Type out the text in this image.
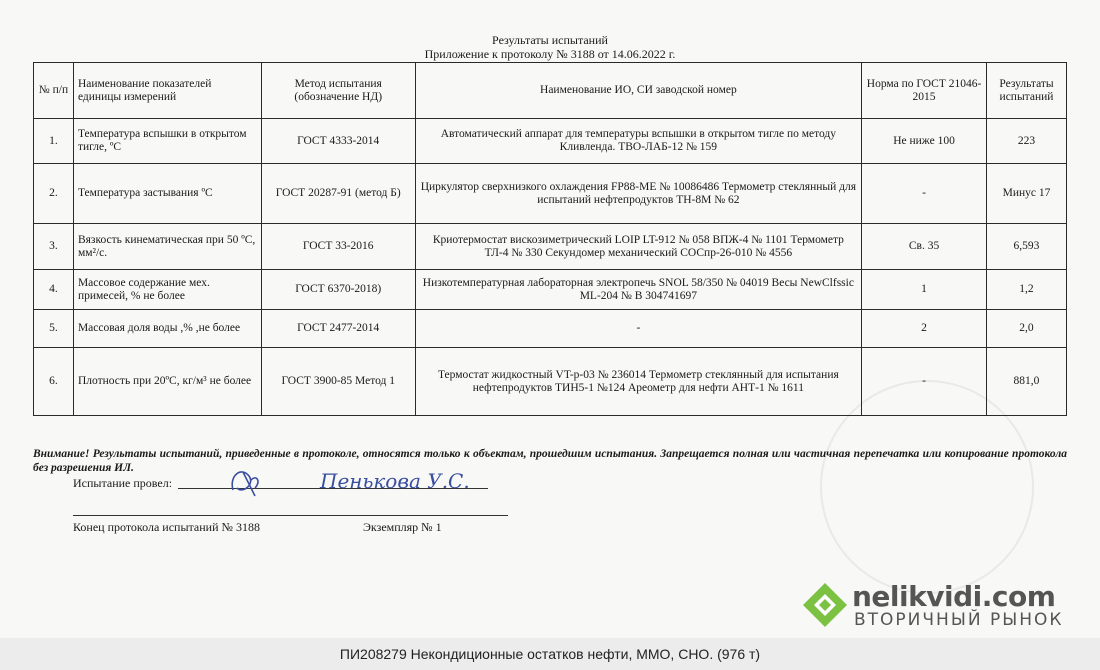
Результаты испытаний
Приложение к протоколу № 3188 от 14.06.2022 г.
№ п/п	Наименование показателей единицы измерений	Метод испытания (обозначение НД)	Наименование ИО, СИ заводской номер	Норма по ГОСТ 21046-2015	Результаты испытаний
1.	Температура вспышки в открытом тигле, ºС	ГОСТ 4333-2014	Автоматический аппарат для температуры вспышки в открытом тигле по методу Кливленда. ТВО-ЛАБ-12 № 159	Не ниже 100	223
2.	Температура застывания ºС	ГОСТ 20287-91 (метод Б)	Циркулятор сверхнизкого охлаждения FP88-ME № 10086486 Термометр стеклянный для испытаний нефтепродуктов ТН-8М № 62	-	Минус 17
3.	Вязкость кинематическая при 50 ºС, мм²/с.	ГОСТ 33-2016	Криотермостат вискозиметрический LOIP LT-912 № 058 ВПЖ-4 № 1101 Термометр ТЛ-4 № 330 Секундомер механический СОСпр-26-010 № 4556	Св. 35	6,593
4.	Массовое содержание мех. примесей, % не более	ГОСТ 6370-2018)	Низкотемпературная лабораторная электропечь SNOL 58/350 № 04019 Весы NewClfssic ML-204 № В 304741697	1	1,2
5.	Массовая доля воды ,% ,не более	ГОСТ 2477-2014	-	2	2,0
6.	Плотность при 20ºС, кг/м³ не более	ГОСТ 3900-85 Метод 1	Термостат жидкостный VT-р-03 № 236014 Термометр стеклянный для испытания нефтепродуктов ТИН5-1 №124 Ареометр для нефти АНТ-1 № 1611	-	881,0
Внимание! Результаты испытаний, приведенные в протоколе, относятся только к объектам, прошедшим испытания. Запрещается полная или частичная перепечатка или копирование протокола без разрешения ИЛ.
Испытание провел:	Пенькова У.С.
Конец протокола испытаний № 3188	Экземпляр № 1
nelikvidi.com
ВТОРИЧНЫЙ РЫНОК
ПИ208279 Некондиционные остатков нефти, ММО, СНО. (976 т)
